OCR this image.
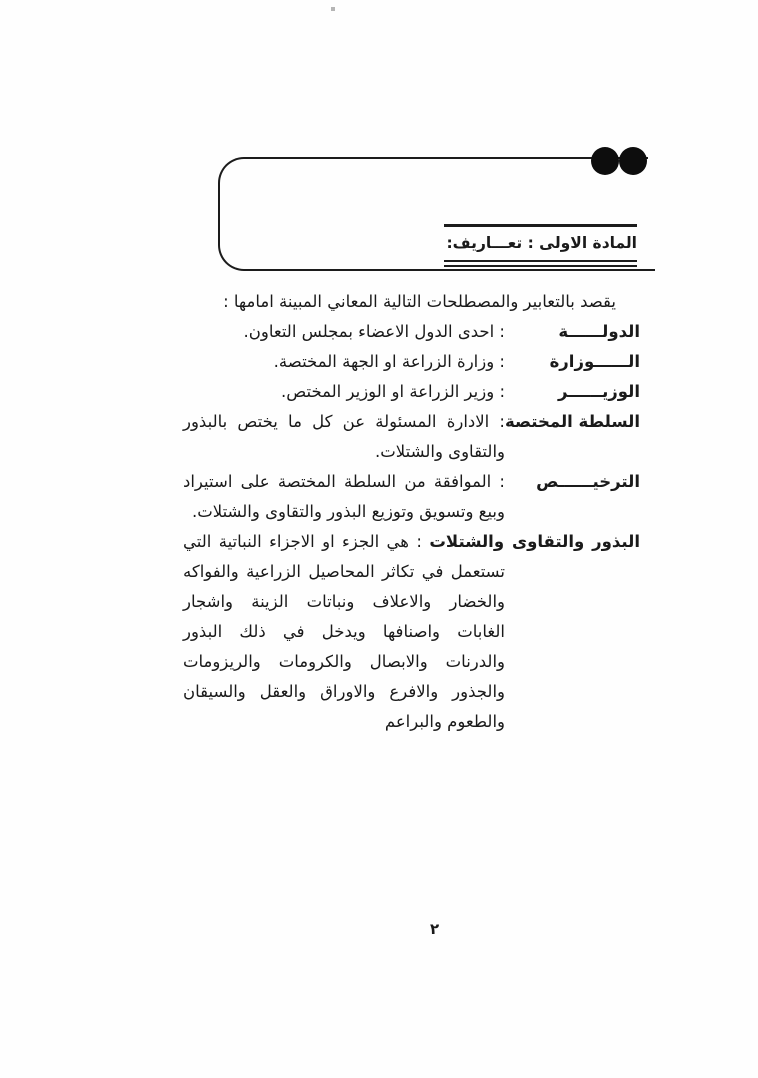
المادة الاولى : تعـــاريف:

يقصد بالتعابير والمصطلحات التالية المعاني المبينة امامها :

الدولــــــة
: احدى الدول الاعضاء بمجلس التعاون.
الــــــوزارة
: وزارة الزراعة او الجهة المختصة.
الوزيــــــر
: وزير الزراعة او الوزير المختص.
السلطة المختصة
: الادارة المسئولة عن كل ما يختص بالبذور والتقاوى والشتلات.
الترخيــــــص
: الموافقة من السلطة المختصة على استيراد وبيع وتسويق وتوزيع البذور والتقاوى والشتلات.

البذور والتقاوى والشتلات : هي الجزء او الاجزاء النباتية التي تستعمل في تكاثر المحاصيل الزراعية والفواكه والخضار والاعلاف ونباتات الزينة واشجار الغابات واصنافها ويدخل في ذلك البذور والدرنات والابصال والكرومات والريزومات والجذور والافرع والاوراق والعقل والسيقان والطعوم والبراعم

٢
